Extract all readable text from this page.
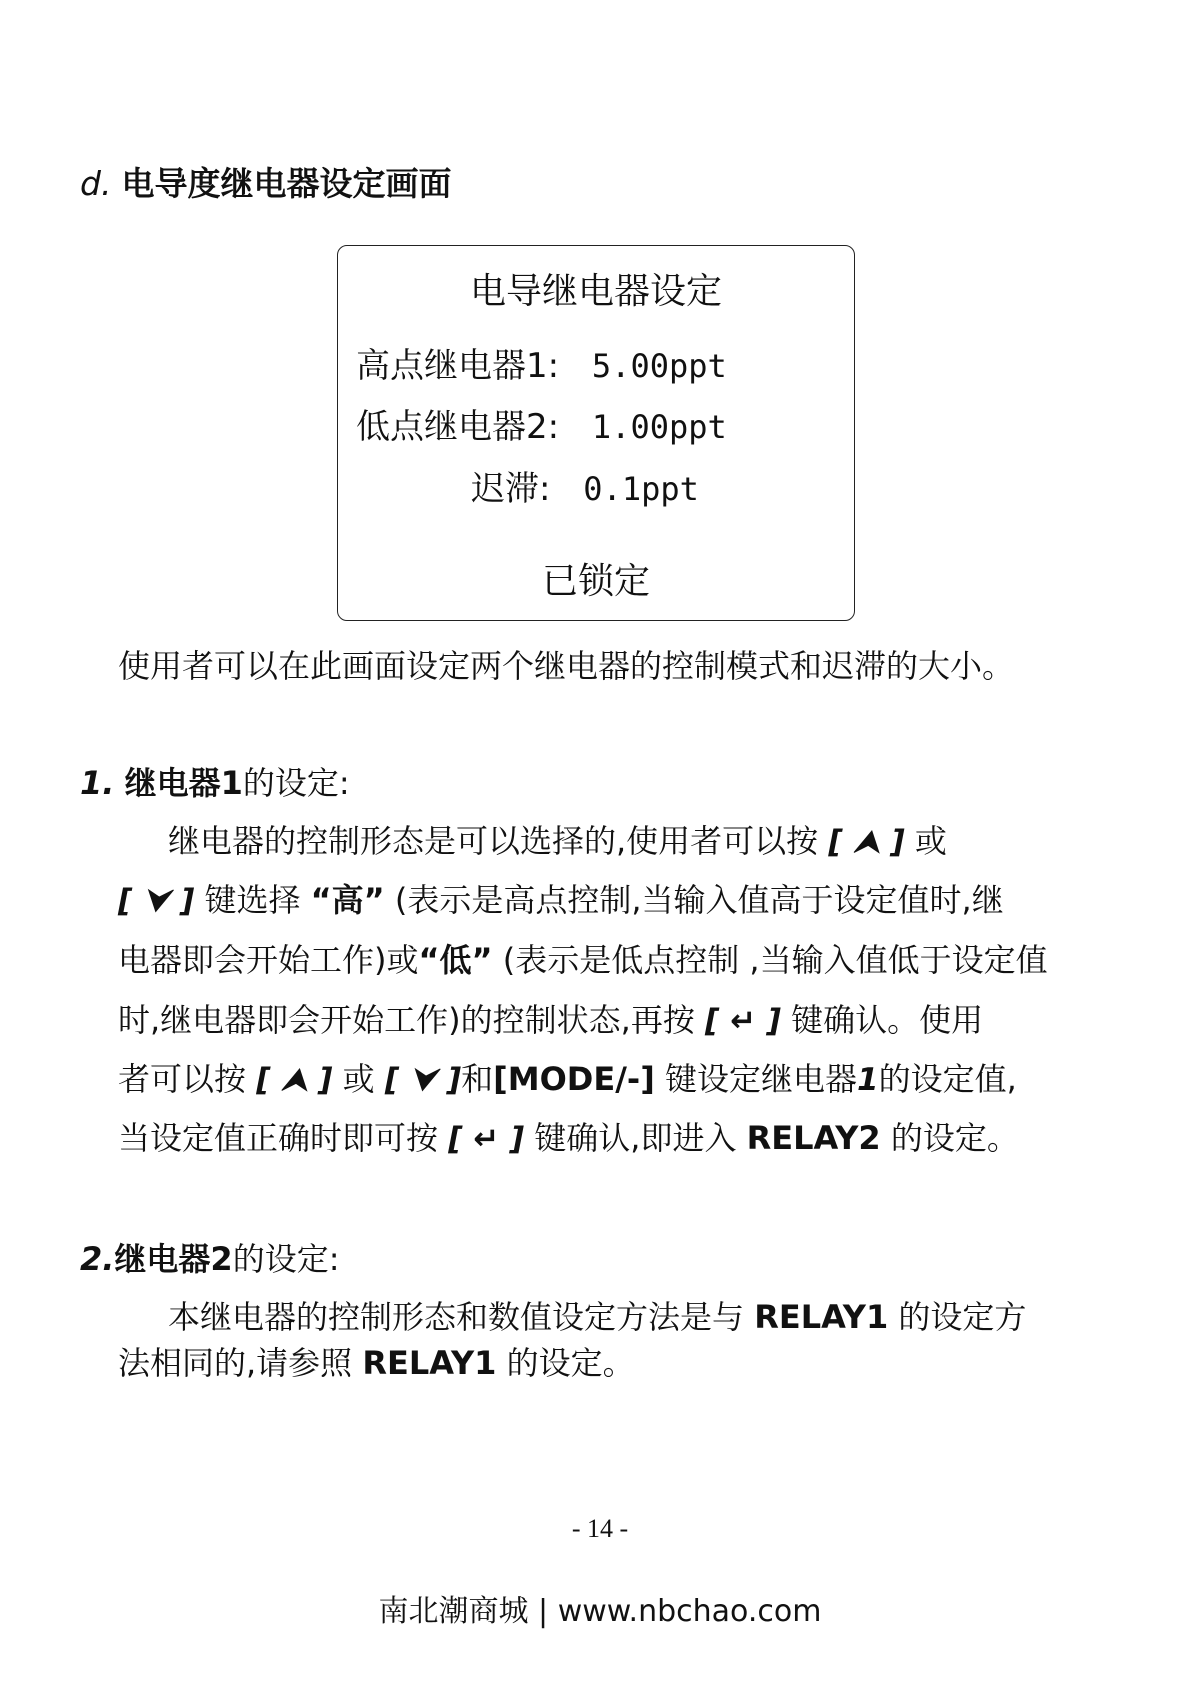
d. 电导度继电器设定画面
电导继电器设定
高点继电器1: 5.00ppt
低点继电器2: 1.00ppt
迟滞: 0.1ppt
已锁定
使用者可以在此画面设定两个继电器的控制模式和迟滞的大小。
1. 继电器1的设定:
继电器的控制形态是可以选择的,使用者可以按 [ ⮝ ] 或
[ ⮟ ] 键选择 “高” (表示是高点控制,当输入值高于设定值时,继
电器即会开始工作)或“低” (表示是低点控制 ,当输入值低于设定值
时,继电器即会开始工作)的控制状态,再按 [ ↵ ] 键确认。使用
者可以按 [ ⮝ ] 或 [ ⮟ ]和[MODE/-] 键设定继电器1的设定值,
当设定值正确时即可按 [ ↵ ] 键确认,即进入 RELAY2 的设定。
2.继电器2的设定:
本继电器的控制形态和数值设定方法是与 RELAY1 的设定方
法相同的,请参照 RELAY1 的设定。
- 14 -
南北潮商城 | www.nbchao.com
